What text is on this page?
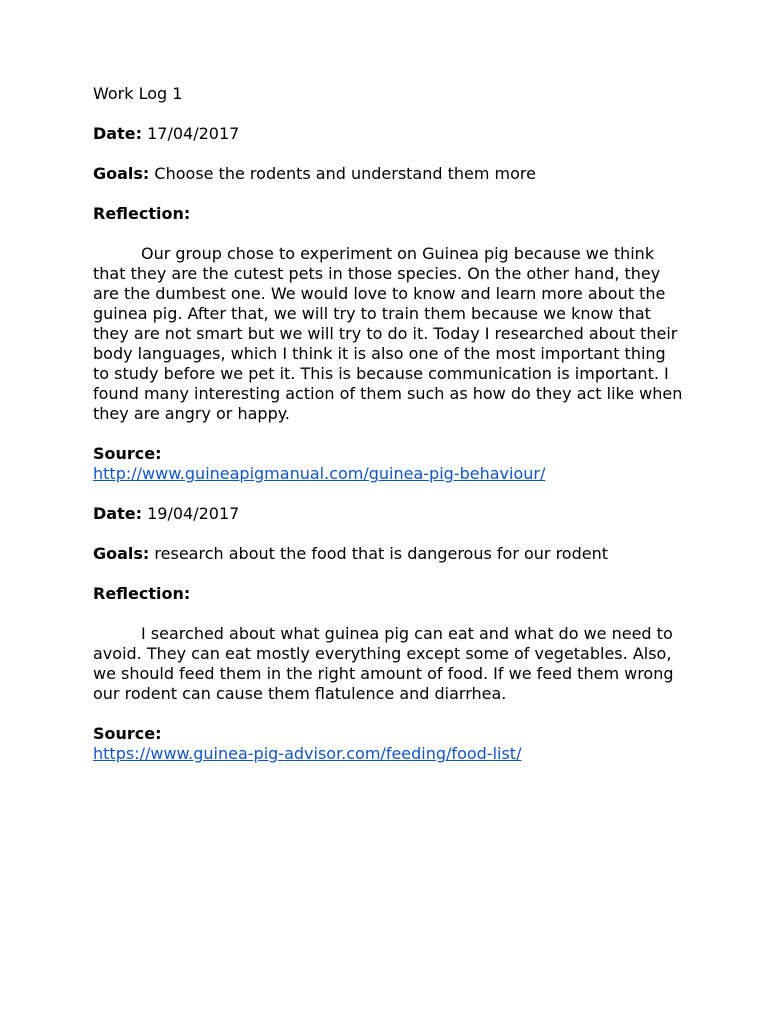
Work Log 1
Date: 17/04/2017
Goals: Choose the rodents and understand them more
Reflection:

Our group chose to experiment on Guinea pig because we think that they are the cutest pets in those species. On the other hand, they are the dumbest one. We would love to know and learn more about the guinea pig. After that, we will try to train them because we know that they are not smart but we will try to do it. Today I researched about their body languages, which I think it is also one of the most important thing to study before we pet it. This is because communication is important. I found many interesting action of them such as how do they act like when they are angry or happy.

Source:
http://www.guineapigmanual.com/guinea-pig-behaviour/
Date: 19/04/2017
Goals: research about the food that is dangerous for our rodent
Reflection:

I searched about what guinea pig can eat and what do we need to avoid. They can eat mostly everything except some of vegetables. Also, we should feed them in the right amount of food. If we feed them wrong our rodent can cause them flatulence and diarrhea.

Source:
https://www.guinea-pig-advisor.com/feeding/food-list/
